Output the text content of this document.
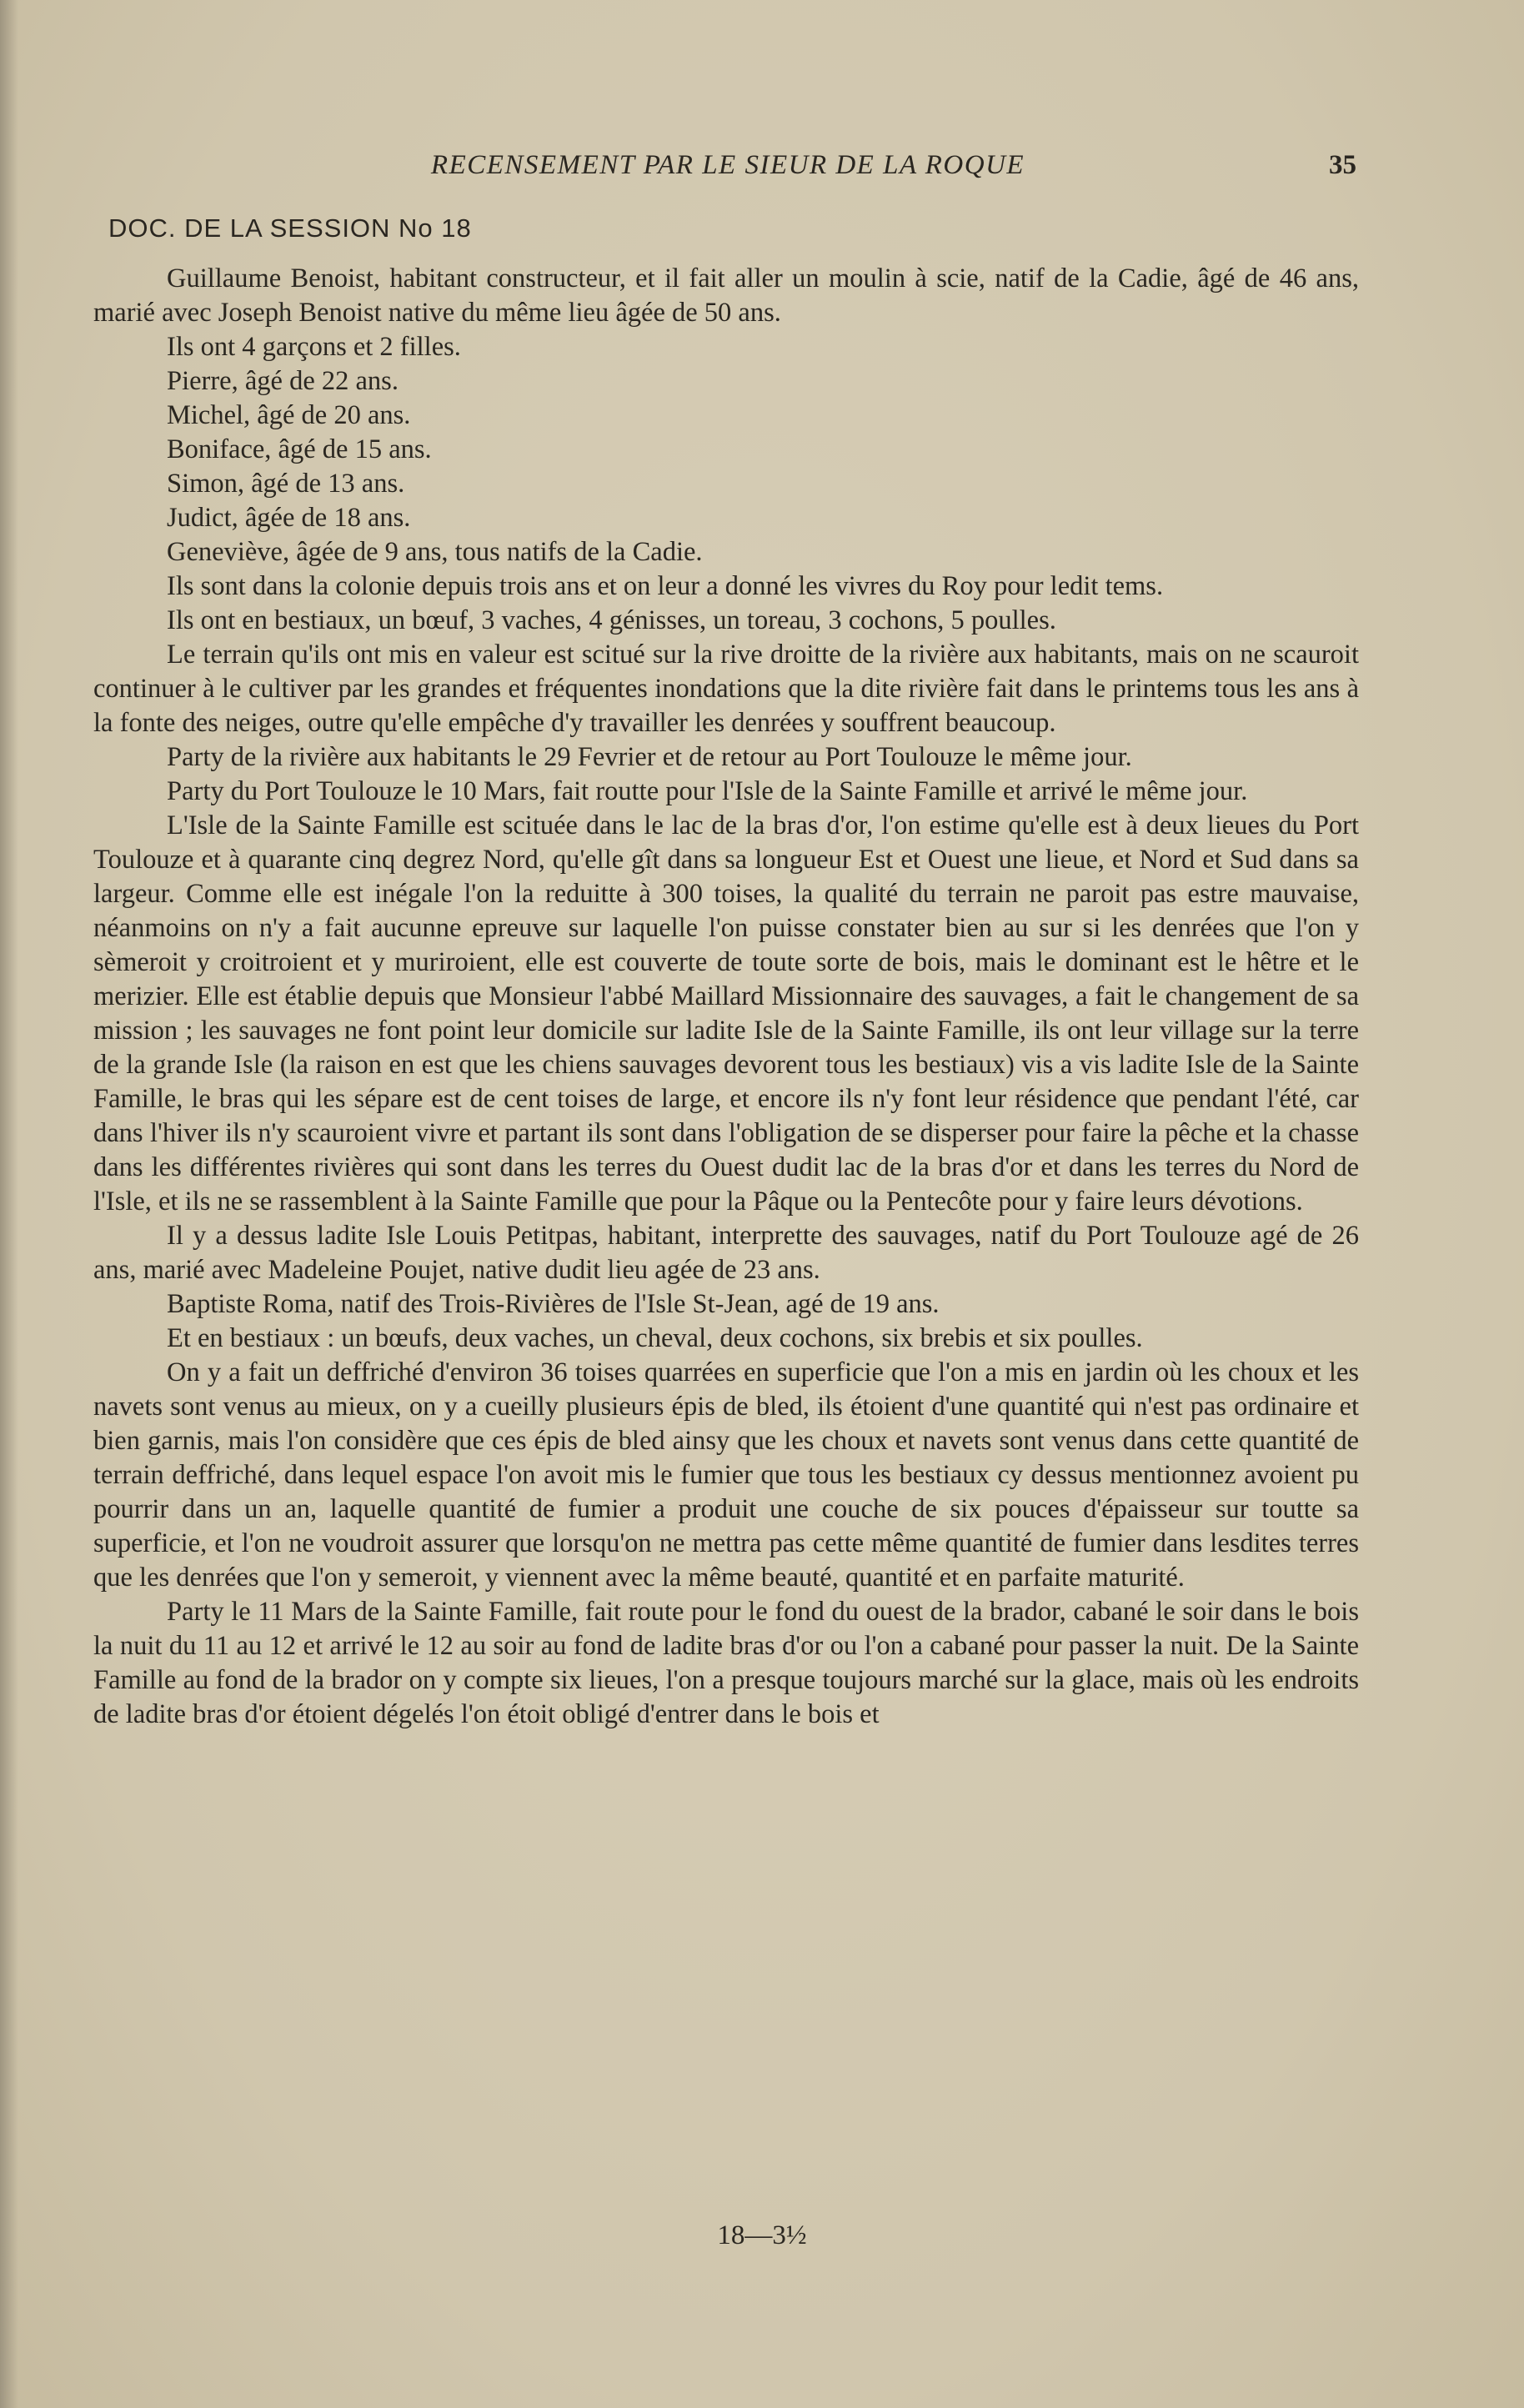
RECENSEMENT PAR LE SIEUR DE LA ROQUE	35
DOC. DE LA SESSION No 18

Guillaume Benoist, habitant constructeur, et il fait aller un moulin à scie, natif de la Cadie, âgé de 46 ans, marié avec Joseph Benoist native du même lieu âgée de 50 ans.

Ils ont 4 garçons et 2 filles.

Pierre, âgé de 22 ans.

Michel, âgé de 20 ans.

Boniface, âgé de 15 ans.

Simon, âgé de 13 ans.

Judict, âgée de 18 ans.

Geneviève, âgée de 9 ans, tous natifs de la Cadie.

Ils sont dans la colonie depuis trois ans et on leur a donné les vivres du Roy pour ledit tems.

Ils ont en bestiaux, un bœuf, 3 vaches, 4 génisses, un toreau, 3 cochons, 5 poulles.

Le terrain qu'ils ont mis en valeur est scitué sur la rive droitte de la rivière aux habitants, mais on ne scauroit continuer à le cultiver par les grandes et fréquentes inondations que la dite rivière fait dans le printems tous les ans à la fonte des neiges, outre qu'elle empêche d'y travailler les denrées y souffrent beaucoup.

Party de la rivière aux habitants le 29 Fevrier et de retour au Port Toulouze le même jour.

Party du Port Toulouze le 10 Mars, fait routte pour l'Isle de la Sainte Famille et arrivé le même jour.

L'Isle de la Sainte Famille est scituée dans le lac de la bras d'or, l'on estime qu'elle est à deux lieues du Port Toulouze et à quarante cinq degrez Nord, qu'elle gît dans sa longueur Est et Ouest une lieue, et Nord et Sud dans sa largeur. Comme elle est inégale l'on la reduitte à 300 toises, la qualité du terrain ne paroit pas estre mauvaise, néanmoins on n'y a fait aucunne epreuve sur laquelle l'on puisse constater bien au sur si les denrées que l'on y sèmeroit y croitroient et y muriroient, elle est couverte de toute sorte de bois, mais le dominant est le hêtre et le merizier. Elle est établie depuis que Monsieur l'abbé Maillard Missionnaire des sauvages, a fait le changement de sa mission ; les sauvages ne font point leur domicile sur ladite Isle de la Sainte Famille, ils ont leur village sur la terre de la grande Isle (la raison en est que les chiens sauvages devorent tous les bestiaux) vis a vis ladite Isle de la Sainte Famille, le bras qui les sépare est de cent toises de large, et encore ils n'y font leur résidence que pendant l'été, car dans l'hiver ils n'y scauroient vivre et partant ils sont dans l'obligation de se disperser pour faire la pêche et la chasse dans les différentes rivières qui sont dans les terres du Ouest dudit lac de la bras d'or et dans les terres du Nord de l'Isle, et ils ne se rassemblent à la Sainte Famille que pour la Pâque ou la Pentecôte pour y faire leurs dévotions.

Il y a dessus ladite Isle Louis Petitpas, habitant, interprette des sauvages, natif du Port Toulouze agé de 26 ans, marié avec Madeleine Poujet, native dudit lieu agée de 23 ans.

Baptiste Roma, natif des Trois-Rivières de l'Isle St-Jean, agé de 19 ans.

Et en bestiaux : un bœufs, deux vaches, un cheval, deux cochons, six brebis et six poulles.

On y a fait un deffriché d'environ 36 toises quarrées en superficie que l'on a mis en jardin où les choux et les navets sont venus au mieux, on y a cueilly plusieurs épis de bled, ils étoient d'une quantité qui n'est pas ordinaire et bien garnis, mais l'on considère que ces épis de bled ainsy que les choux et navets sont venus dans cette quantité de terrain deffriché, dans lequel espace l'on avoit mis le fumier que tous les bestiaux cy dessus mentionnez avoient pu pourrir dans un an, laquelle quantité de fumier a produit une couche de six pouces d'épaisseur sur toutte sa superficie, et l'on ne voudroit assurer que lorsqu'on ne mettra pas cette même quantité de fumier dans lesdites terres que les denrées que l'on y semeroit, y viennent avec la même beauté, quantité et en parfaite maturité.

Party le 11 Mars de la Sainte Famille, fait route pour le fond du ouest de la brador, cabané le soir dans le bois la nuit du 11 au 12 et arrivé le 12 au soir au fond de ladite bras d'or ou l'on a cabané pour passer la nuit. De la Sainte Famille au fond de la brador on y compte six lieues, l'on a presque toujours marché sur la glace, mais où les endroits de ladite bras d'or étoient dégelés l'on étoit obligé d'entrer dans le bois et

18—3½
